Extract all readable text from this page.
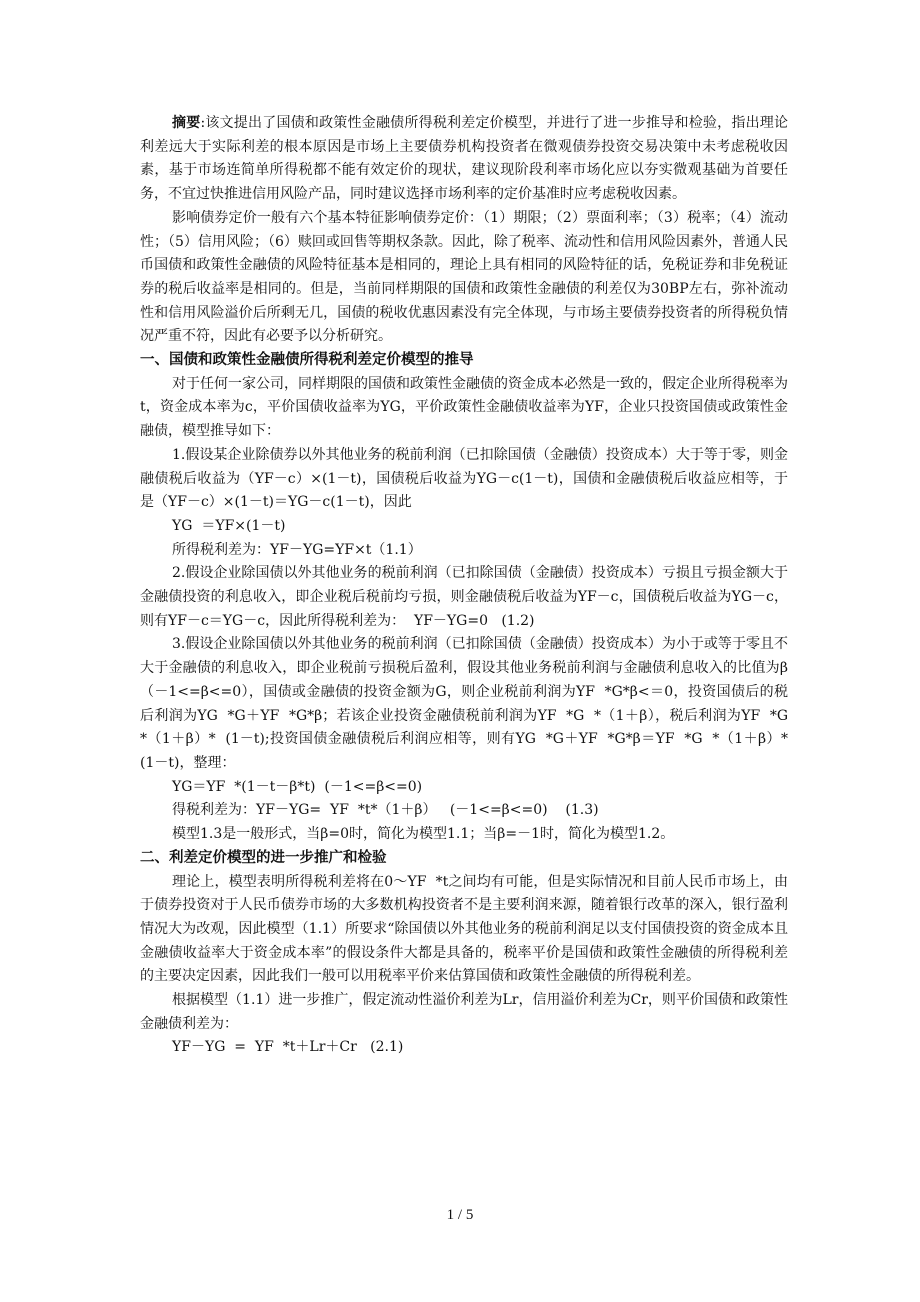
摘要:该文提出了国债和政策性金融债所得税利差定价模型，并进行了进一步推导和检验，指出理论利差远大于实际利差的根本原因是市场上主要债券机构投资者在微观债券投资交易决策中未考虑税收因素，基于市场连简单所得税都不能有效定价的现状，建议现阶段利率市场化应以夯实微观基础为首要任务，不宜过快推进信用风险产品，同时建议选择市场利率的定价基准时应考虑税收因素。

影响债券定价一般有六个基本特征影响债券定价：（1）期限；（2）票面利率；（3）税率；（4）流动性；（5）信用风险；（6）赎回或回售等期权条款。因此，除了税率、流动性和信用风险因素外，普通人民币国债和政策性金融债的风险特征基本是相同的，理论上具有相同的风险特征的话，免税证券和非免税证券的税后收益率是相同的。但是，当前同样期限的国债和政策性金融债的利差仅为30BP左右，弥补流动性和信用风险溢价后所剩无几，国债的税收优惠因素没有完全体现，与市场主要债券投资者的所得税负情况严重不符，因此有必要予以分析研究。

一、国债和政策性金融债所得税利差定价模型的推导

对于任何一家公司，同样期限的国债和政策性金融债的资金成本必然是一致的，假定企业所得税率为t，资金成本率为c，平价国债收益率为YG，平价政策性金融债收益率为YF，企业只投资国债或政策性金融债，模型推导如下：

1.假设某企业除债券以外其他业务的税前利润（已扣除国债（金融债）投资成本）大于等于零，则金融债税后收益为（YF－c）×(1－t)，国债税后收益为YG－c(1－t)，国债和金融债税后收益应相等，于是（YF－c）×(1－t)＝YG－c(1－t)，因此

YG  ＝YF×(1－t)

所得税利差为：YF－YG=YF×t（1.1）

2.假设企业除国债以外其他业务的税前利润（已扣除国债（金融债）投资成本）亏损且亏损金额大于金融债投资的利息收入，即企业税后税前均亏损，则金融债税后收益为YF－c，国债税后收益为YG－c，则有YF－c＝YG－c，因此所得税利差为：  YF－YG=0   (1.2)

3.假设企业除国债以外其他业务的税前利润（已扣除国债（金融债）投资成本）为小于或等于零且不大于金融债的利息收入，即企业税前亏损税后盈利，假设其他业务税前利润与金融债利息收入的比值为β（－1<=β<=0），国债或金融债的投资金额为G，则企业税前利润为YF  *G*β<＝0，投资国债后的税后利润为YG  *G＋YF  *G*β；若该企业投资金融债税前利润为YF  *G  *（1＋β），税后利润为YF  *G  *（1＋β）*  (1－t);投资国债金融债税后利润应相等，则有YG  *G＋YF  *G*β＝YF  *G  *（1＋β）*  (1－t)，整理：

YG＝YF  *(1－t－β*t)  (－1<=β<=0)

得税利差为：YF－YG=  YF  *t*（1＋β）   (－1<=β<=0)    (1.3)

模型1.3是一般形式，当β=0时，简化为模型1.1；当β=－1时，简化为模型1.2。

二、利差定价模型的进一步推广和检验

理论上，模型表明所得税利差将在0～YF  *t之间均有可能，但是实际情况和目前人民币市场上，由于债券投资对于人民币债券市场的大多数机构投资者不是主要利润来源，随着银行改革的深入，银行盈利情况大为改观，因此模型（1.1）所要求“除国债以外其他业务的税前利润足以支付国债投资的资金成本且金融债收益率大于资金成本率”的假设条件大都是具备的，税率平价是国债和政策性金融债的所得税利差的主要决定因素，因此我们一般可以用税率平价来估算国债和政策性金融债的所得税利差。

根据模型（1.1）进一步推广，假定流动性溢价利差为Lr，信用溢价利差为Cr，则平价国债和政策性金融债利差为：

YF－YG  =  YF  *t＋Lr＋Cr   (2.1)

1 / 5
